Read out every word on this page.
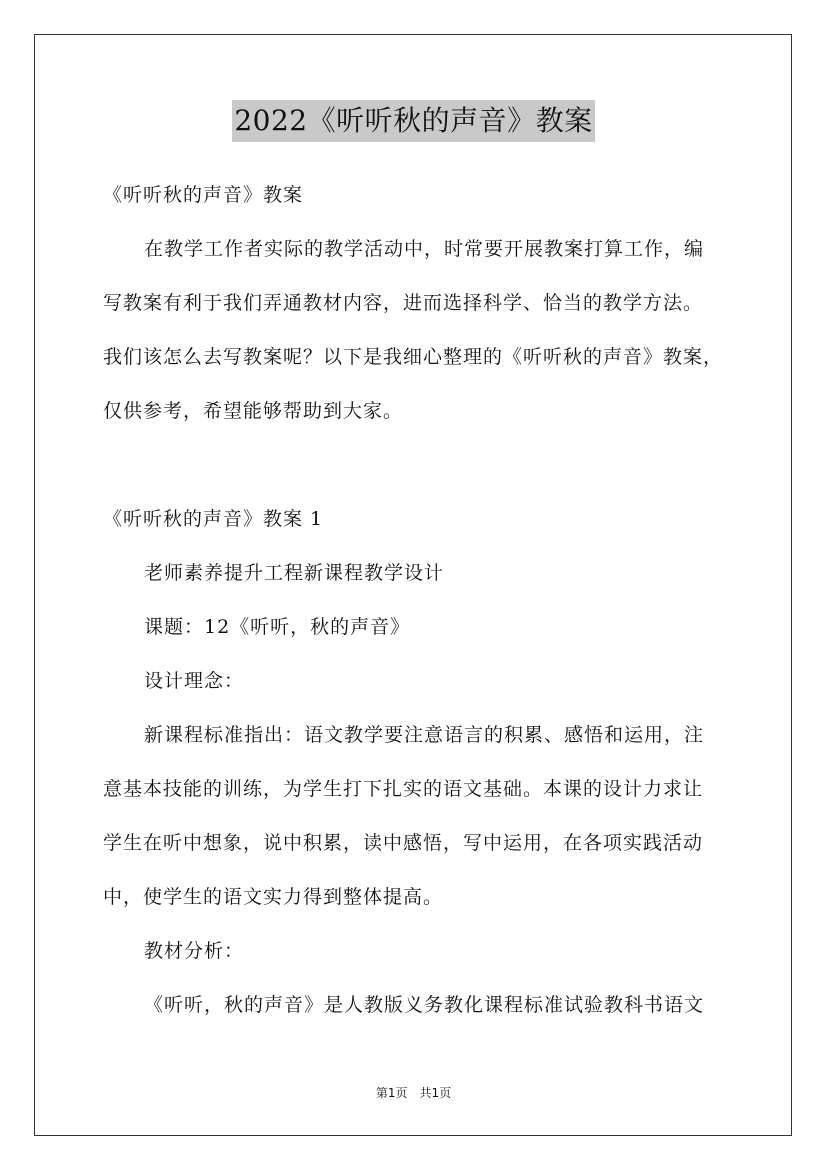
2022《听听秋的声音》教案
《听听秋的声音》教案
在教学工作者实际的教学活动中，时常要开展教案打算工作，编
写教案有利于我们弄通教材内容，进而选择科学、恰当的教学方法。
我们该怎么去写教案呢？以下是我细心整理的《听听秋的声音》教案，
仅供参考，希望能够帮助到大家。
《听听秋的声音》教案 1
老师素养提升工程新课程教学设计
课题：12《听听，秋的声音》
设计理念：
新课程标准指出：语文教学要注意语言的积累、感悟和运用，注
意基本技能的训练，为学生打下扎实的语文基础。本课的设计力求让
学生在听中想象，说中积累，读中感悟，写中运用，在各项实践活动
中，使学生的语文实力得到整体提高。
教材分析：
《听听，秋的声音》是人教版义务教化课程标准试验教科书语文
第1页　共1页
